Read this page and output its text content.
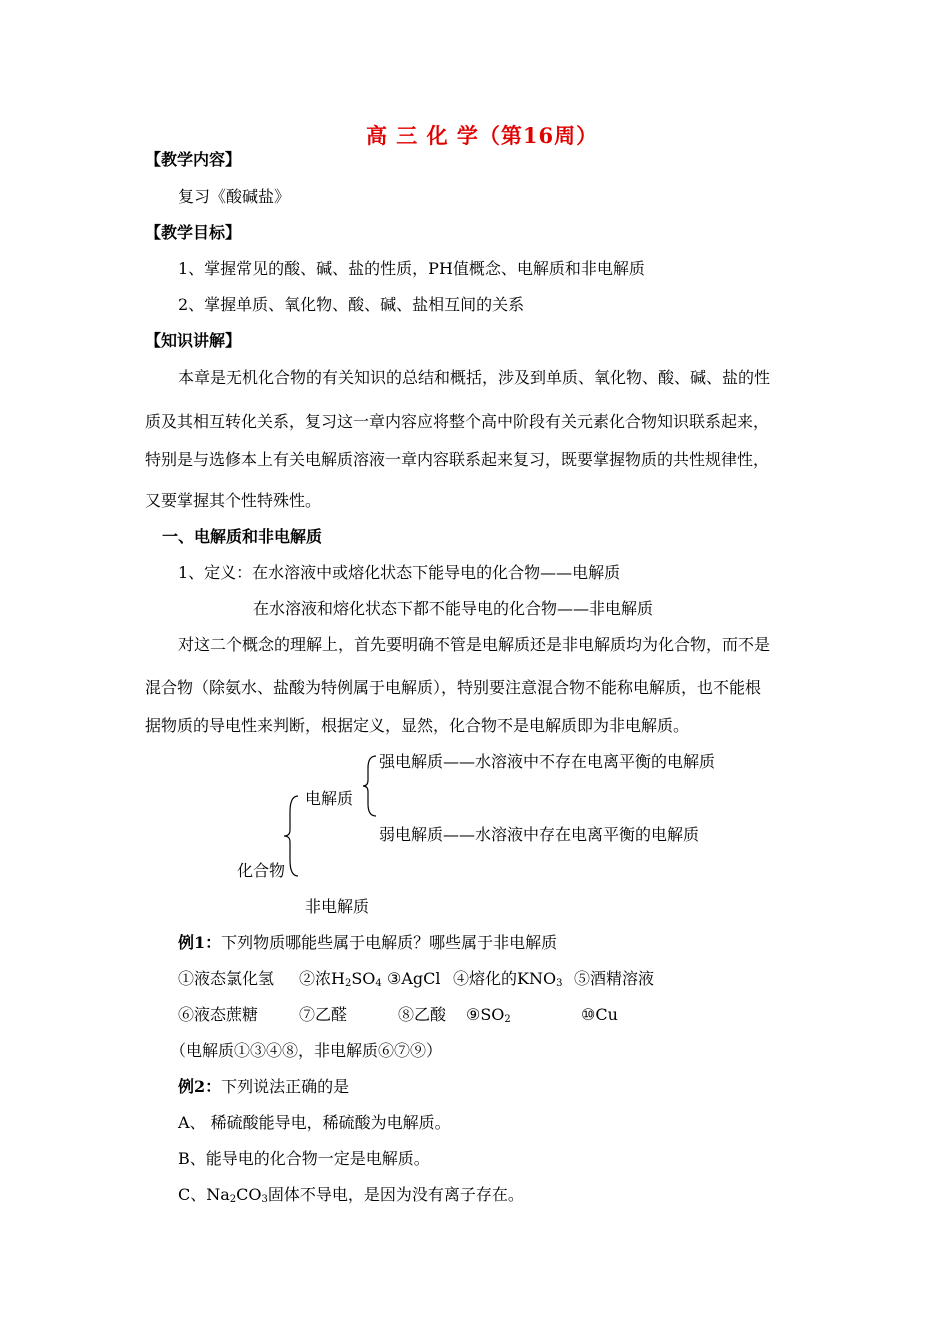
高 三 化 学（第16周）
【教学内容】
复习《酸碱盐》
【教学目标】
1、掌握常见的酸、碱、盐的性质，PH值概念、电解质和非电解质
2、掌握单质、氧化物、酸、碱、盐相互间的关系
【知识讲解】
本章是无机化合物的有关知识的总结和概括，涉及到单质、氧化物、酸、碱、盐的性
质及其相互转化关系，复习这一章内容应将整个高中阶段有关元素化合物知识联系起来，
特别是与选修本上有关电解质溶液一章内容联系起来复习，既要掌握物质的共性规律性，
又要掌握其个性特殊性。
一、电解质和非电解质
1、定义：在水溶液中或熔化状态下能导电的化合物——电解质
在水溶液和熔化状态下都不能导电的化合物——非电解质
对这二个概念的理解上，首先要明确不管是电解质还是非电解质均为化合物，而不是
混合物（除氨水、盐酸为特例属于电解质），特别要注意混合物不能称电解质，也不能根
据物质的导电性来判断，根据定义，显然，化合物不是电解质即为非电解质。
强电解质——水溶液中不存在电离平衡的电解质
电解质
弱电解质——水溶液中存在电离平衡的电解质
化合物
非电解质
例1：下列物质哪能些属于电解质？哪些属于非电解质
①液态氯化氢 ②浓$H_2SO_4$ ③AgCl ④熔化的$KNO_3$ ⑤酒精溶液
⑥液态蔗糖	⑦乙醛	⑧乙酸 $⑨SO_2$	⑩Cu
（电解质①③④⑧，非电解质⑥⑦⑨）
例2：下列说法正确的是
A、 稀硫酸能导电，稀硫酸为电解质。
B、能导电的化合物一定是电解质。
C、$Na_2CO_3$固体不导电，是因为没有离子存在。
